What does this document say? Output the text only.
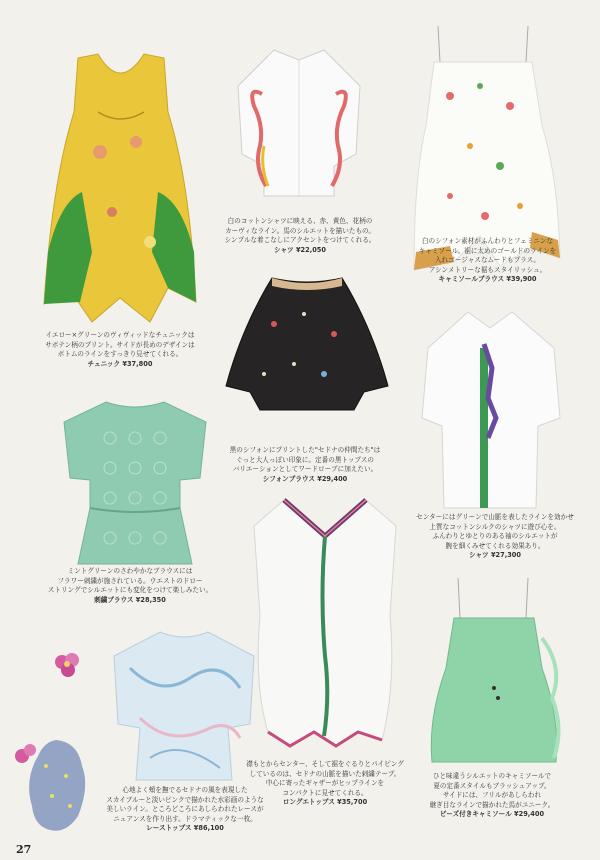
イエロー×グリーンのヴィヴィッドなチュニックは
サボテン柄のプリント。サイドが長めのデザインは
ボトムのラインをすっきり見せてくれる。
チュニック ¥37,800
白のコットンシャツに映える、赤、黄色、花柄の
カーヴィなライン。馬のシルエットを描いたもの。
シンプルな着こなしにアクセントをつけてくれる。
シャツ ¥22,050
白のシフォン素材がふんわりとフェミニンな
キャミソール。裾に太めのゴールドのラインを
入れゴージャスなムードもプラス。
アシンメトリーな裾もスタイリッシュ。
キャミソールブラウス ¥39,900
黒のシフォンにプリントした"セドナの仲間たち"は
ぐっと大人っぽい印象に。定番の黒トップスの
バリエーションとしてワードローブに加えたい。
シフォンブラウス ¥29,400
センターにはグリーンで山脈を表したラインを効かせ
上質なコットンシルクのシャツに遊び心を。
ふんわりとゆとりのある袖のシルエットが
腕を細くみせてくれる効果あり。
シャツ ¥27,300
ミントグリーンのさわやかなブラウスには
フラワー刺繍が施されている。ウエストのドロー
ストリングでシルエットにも変化をつけて楽しみたい。
刺繍ブラウス ¥28,350
襟もとからセンター、そして裾をぐるりとパイピング
しているのは、セドナの山脈を描いた刺繍テープ。
中心に寄ったギャザーがヒップラインを
コンパクトに見せてくれる。
ロングエトップス ¥35,700
心地よく頬を撫でるセドナの風を表現した
スカイブルーと淡いピンクで描かれた水彩画のような
美しいライン。ところどころにあしらわれたレースが
ニュアンスを作り出す。ドラマティックな一枚。
レーストップス ¥86,100
ひと味違うシルエットのキャミソールで
夏の定番スタイルもブラッシュアップ。
サイドには、フリルがあしらわれ
継ぎ目なラインで描かれた馬がユニーク。
ビーズ付きキャミソール ¥29,400
27
